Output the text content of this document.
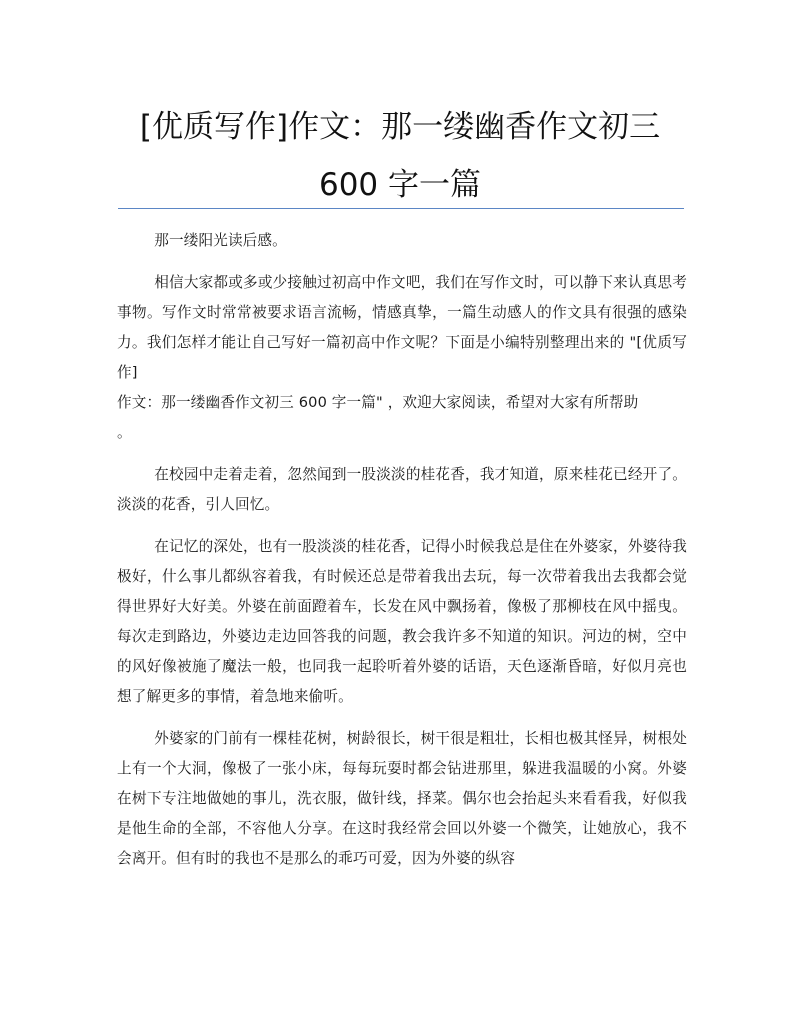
[优质写作]作文：那一缕幽香作文初三
600 字一篇

那一缕阳光读后感。

相信大家都或多或少接触过初高中作文吧，我们在写作文时，可以静下来认真思考事物。写作文时常常被要求语言流畅，情感真挚，一篇生动感人的作文具有很强的感染力。我们怎样才能让自己写好一篇初高中作文呢？下面是小编特别整理出来的 "[优质写作]

作文：那一缕幽香作文初三 600 字一篇" ，欢迎大家阅读，希望对大家有所帮助

。

在校园中走着走着，忽然闻到一股淡淡的桂花香，我才知道，原来桂花已经开了。淡淡的花香，引人回忆。

在记忆的深处，也有一股淡淡的桂花香，记得小时候我总是住在外婆家，外婆待我极好，什么事儿都纵容着我，有时候还总是带着我出去玩，每一次带着我出去我都会觉得世界好大好美。外婆在前面蹬着车，长发在风中飘扬着，像极了那柳枝在风中摇曳。每次走到路边，外婆边走边回答我的问题，教会我许多不知道的知识。河边的树，空中的风好像被施了魔法一般，也同我一起聆听着外婆的话语，天色逐渐昏暗，好似月亮也想了解更多的事情，着急地来偷听。

外婆家的门前有一棵桂花树，树龄很长，树干很是粗壮，长相也极其怪异，树根处上有一个大洞，像极了一张小床，每每玩耍时都会钻进那里，躲进我温暖的小窝。外婆在树下专注地做她的事儿，洗衣服，做针线，择菜。偶尔也会抬起头来看看我，好似我是他生命的全部，不容他人分享。在这时我经常会回以外婆一个微笑，让她放心，我不会离开。但有时的我也不是那么的乖巧可爱，因为外婆的纵容
